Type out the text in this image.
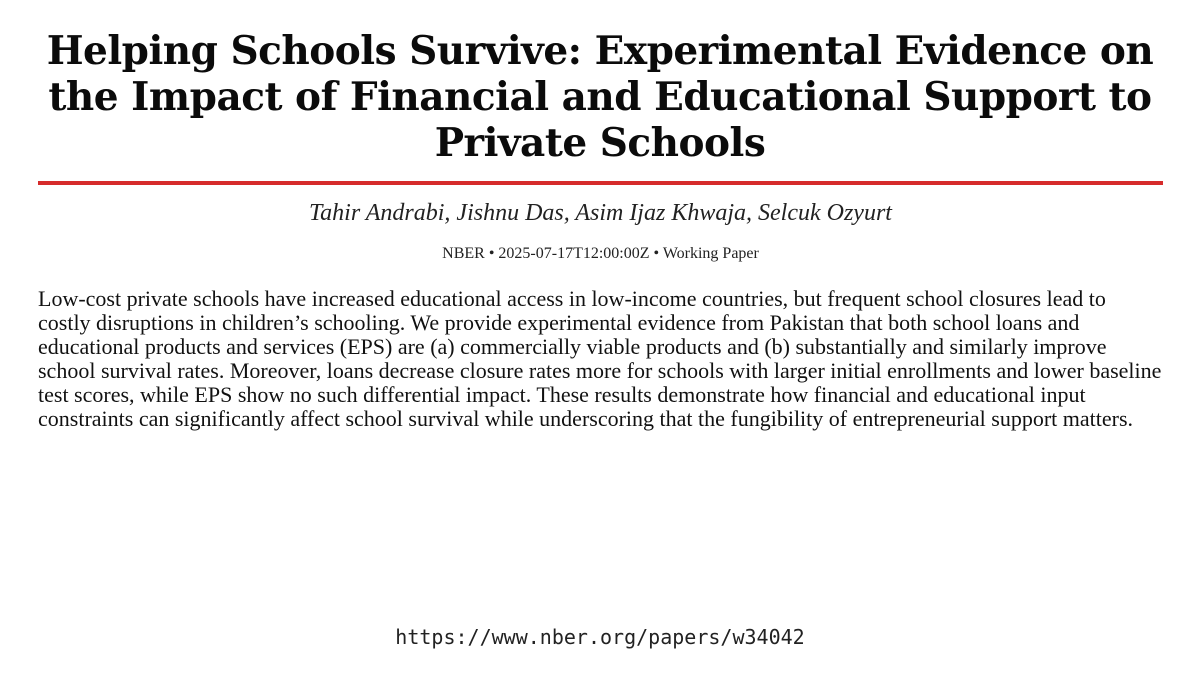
Helping Schools Survive: Experimental Evidence on the Impact of Financial and Educational Support to Private Schools
Tahir Andrabi, Jishnu Das, Asim Ijaz Khwaja, Selcuk Ozyurt
NBER • 2025-07-17T12:00:00Z • Working Paper

Low-cost private schools have increased educational access in low-income countries, but frequent school closures lead to costly disruptions in children’s schooling. We provide experimental evidence from Pakistan that both school loans and educational products and services (EPS) are (a) commercially viable products and (b) substantially and similarly improve school survival rates. Moreover, loans decrease closure rates more for schools with larger initial enrollments and lower baseline test scores, while EPS show no such differential impact. These results demonstrate how financial and educational input constraints can significantly affect school survival while underscoring that the fungibility of entrepreneurial support matters.

https://www.nber.org/papers/w34042
